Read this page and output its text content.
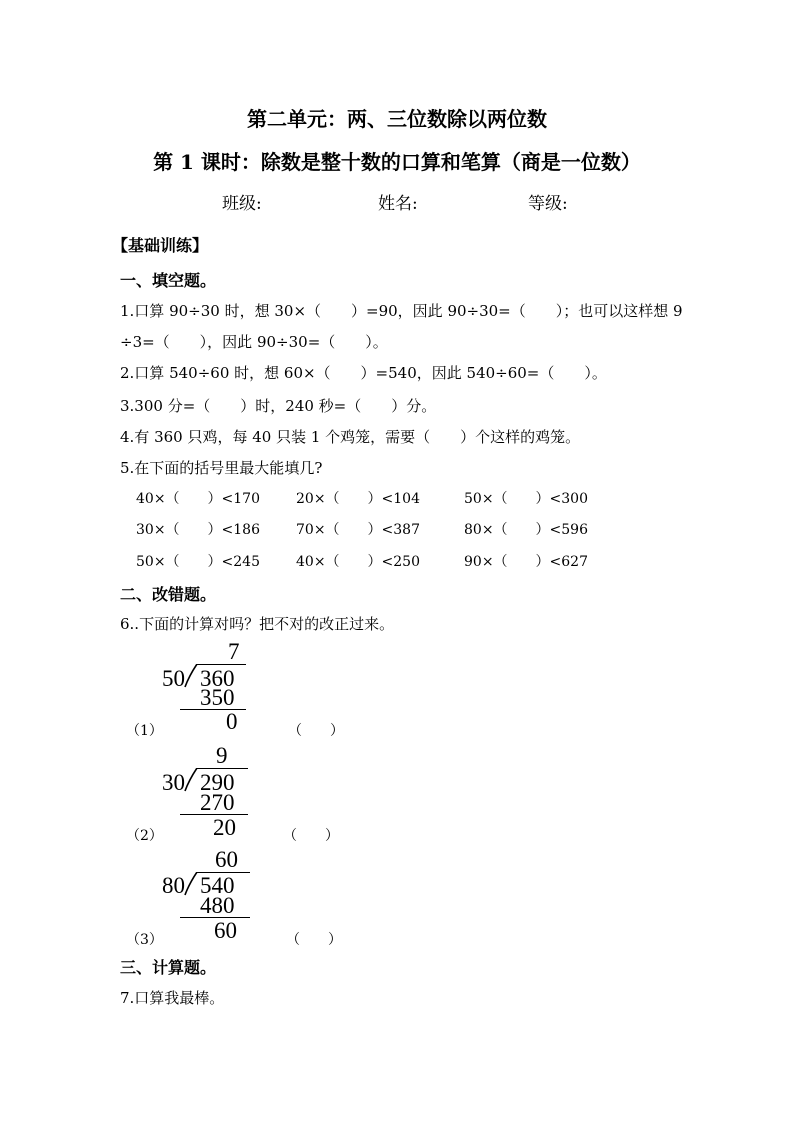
第二单元：两、三位数除以两位数
第 1 课时：除数是整十数的口算和笔算（商是一位数）
班级:	姓名:	等级:
【基础训练】
一、填空题。
1.口算 90÷30 时，想 30×（　　）=90，因此 90÷30=（　　）；也可以这样想 9
÷3=（　　），因此 90÷30=（　　）。
2.口算 540÷60 时，想 60×（　　）=540，因此 540÷60=（　　）。
3.300 分=（　　）时，240 秒=（　　）分。
4.有 360 只鸡，每 40 只装 1 个鸡笼，需要（　　）个这样的鸡笼。
5.在下面的括号里最大能填几?
40×（　　）<170	20×（　　）<104	50×（　　）<300
30×（　　）<186	70×（　　）<387	80×（　　）<596
50×（　　）<245	40×（　　）<250	90×（　　）<627
二、改错题。
6..下面的计算对吗？把不对的改正过来。
7
50 360
350
0
（1）	（　　）
9
30 290
270
20
（2）	（　　）
60
80 540
480
60
（3）	（　　）
三、计算题。
7.口算我最棒。
